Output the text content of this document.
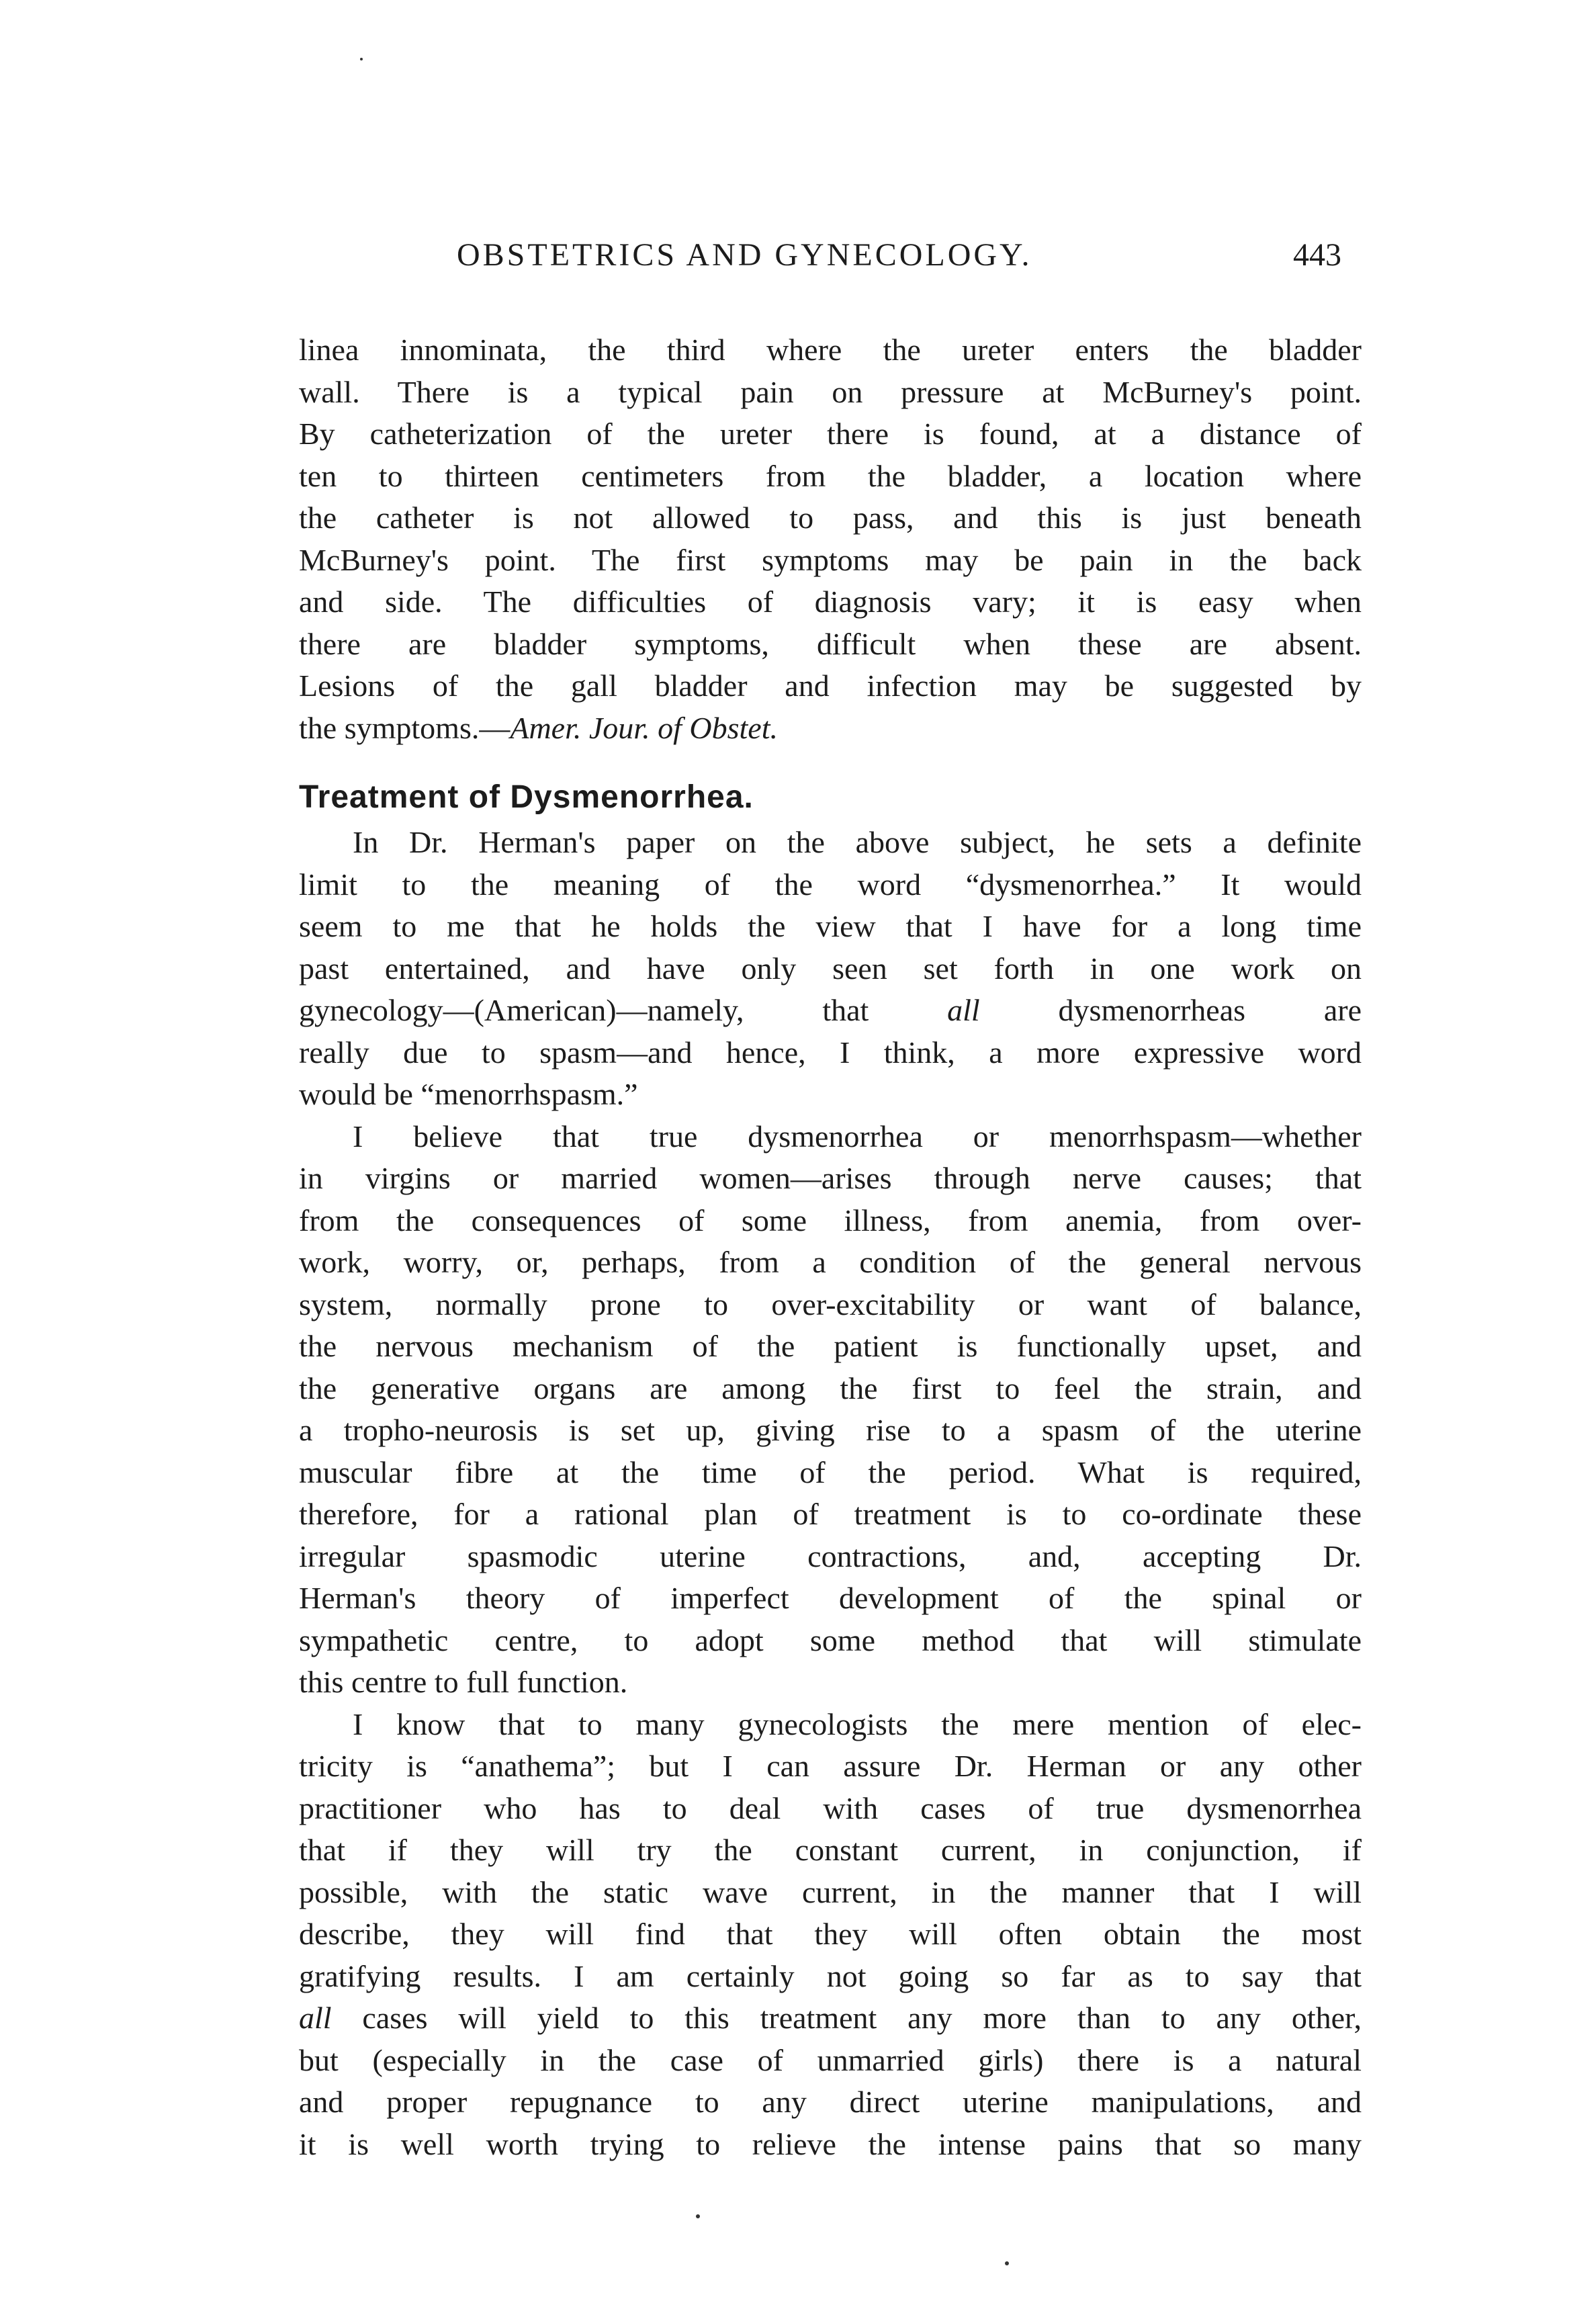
OBSTETRICS AND GYNECOLOGY.	443
linea innominata, the third where the ureter enters the bladder
wall. There is a typical pain on pressure at McBurney's point.
By catheterization of the ureter there is found, at a distance of
ten to thirteen centimeters from the bladder, a location where
the catheter is not allowed to pass, and this is just beneath
McBurney's point. The first symptoms may be pain in the back
and side. The difficulties of diagnosis vary; it is easy when
there are bladder symptoms, difficult when these are absent.
Lesions of the gall bladder and infection may be suggested by
the symptoms.—Amer. Jour. of Obstet.
Treatment of Dysmenorrhea.
In Dr. Herman's paper on the above subject, he sets a definite
limit to the meaning of the word “dysmenorrhea.” It would
seem to me that he holds the view that I have for a long time
past entertained, and have only seen set forth in one work on
gynecology—(American)—namely, that all dysmenorrheas are
really due to spasm—and hence, I think, a more expressive word
would be “menorrhspasm.”
I believe that true dysmenorrhea or menorrhspasm—whether
in virgins or married women—arises through nerve causes; that
from the consequences of some illness, from anemia, from over-
work, worry, or, perhaps, from a condition of the general nervous
system, normally prone to over-excitability or want of balance,
the nervous mechanism of the patient is functionally upset, and
the generative organs are among the first to feel the strain, and
a tropho-neurosis is set up, giving rise to a spasm of the uterine
muscular fibre at the time of the period. What is required,
therefore, for a rational plan of treatment is to co-ordinate these
irregular spasmodic uterine contractions, and, accepting Dr.
Herman's theory of imperfect development of the spinal or
sympathetic centre, to adopt some method that will stimulate
this centre to full function.
I know that to many gynecologists the mere mention of elec-
tricity is “anathema”; but I can assure Dr. Herman or any other
practitioner who has to deal with cases of true dysmenorrhea
that if they will try the constant current, in conjunction, if
possible, with the static wave current, in the manner that I will
describe, they will find that they will often obtain the most
gratifying results. I am certainly not going so far as to say that
all cases will yield to this treatment any more than to any other,
but (especially in the case of unmarried girls) there is a natural
and proper repugnance to any direct uterine manipulations, and
it is well worth trying to relieve the intense pains that so many
